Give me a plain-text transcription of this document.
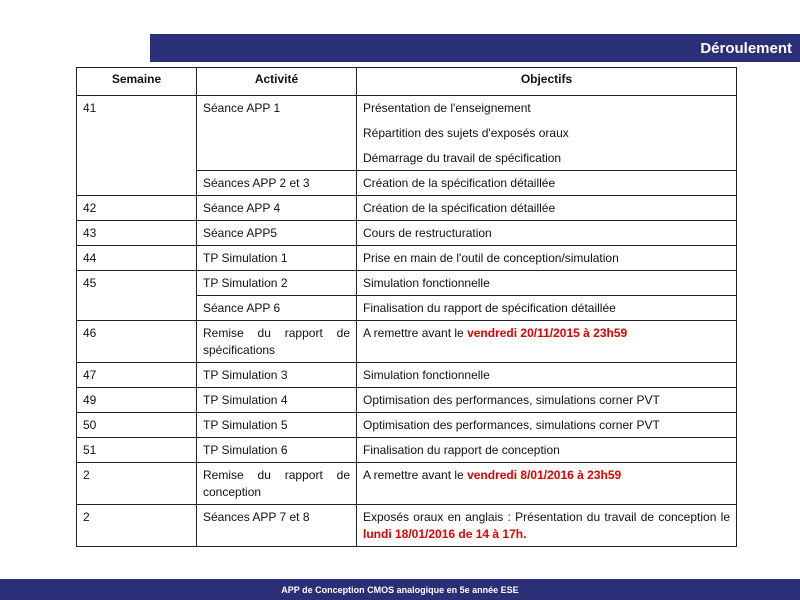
Déroulement
Semaine	Activité	Objectifs
41	Séance APP 1	Présentation de l'enseignement
Répartition des sujets d'exposés oraux
Démarrage du travail de spécification

	Séances APP 2 et 3	Création de la spécification détaillée
42	Séance APP 4	Création de la spécification détaillée
43	Séance APP5	Cours de restructuration
44	TP Simulation 1	Prise en main de l'outil de conception/simulation
45	TP Simulation 2	Simulation fonctionnelle
	Séance APP 6	Finalisation du rapport de spécification détaillée
46	Remise du rapport de spécifications	A remettre avant le vendredi 20/11/2015 à 23h59
47	TP Simulation 3	Simulation fonctionnelle
49	TP Simulation 4	Optimisation des performances, simulations corner PVT
50	TP Simulation 5	Optimisation des performances, simulations corner PVT
51	TP Simulation 6	Finalisation du rapport de conception
2	Remise du rapport de conception	A remettre avant le vendredi 8/01/2016 à 23h59
2	Séances APP 7 et 8	Exposés oraux en anglais : Présentation du travail de conception le lundi 18/01/2016 de 14 à 17h.
APP de Conception CMOS analogique en 5e année ESE
